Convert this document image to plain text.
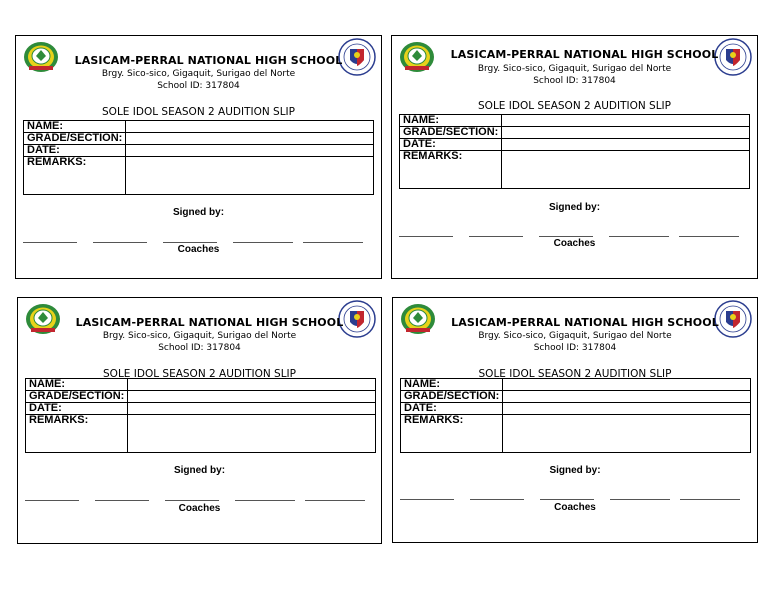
LASICAM-PERRAL NATIONAL HIGH SCHOOL
Brgy. Sico-sico, Gigaquit, Surigao del Norte
School ID: 317804
SOLE IDOL SEASON 2 AUDITION SLIP
NAME:	
GRADE/SECTION:	
DATE:	
REMARKS:	
Signed by:
Coaches
LASICAM-PERRAL NATIONAL HIGH SCHOOL
Brgy. Sico-sico, Gigaquit, Surigao del Norte
School ID: 317804
SOLE IDOL SEASON 2 AUDITION SLIP
NAME:	
GRADE/SECTION:	
DATE:	
REMARKS:	
Signed by:
Coaches
LASICAM-PERRAL NATIONAL HIGH SCHOOL
Brgy. Sico-sico, Gigaquit, Surigao del Norte
School ID: 317804
SOLE IDOL SEASON 2 AUDITION SLIP
NAME:	
GRADE/SECTION:	
DATE:	
REMARKS:	
Signed by:
Coaches
LASICAM-PERRAL NATIONAL HIGH SCHOOL
Brgy. Sico-sico, Gigaquit, Surigao del Norte
School ID: 317804
SOLE IDOL SEASON 2 AUDITION SLIP
NAME:	
GRADE/SECTION:	
DATE:	
REMARKS:	
Signed by:
Coaches
